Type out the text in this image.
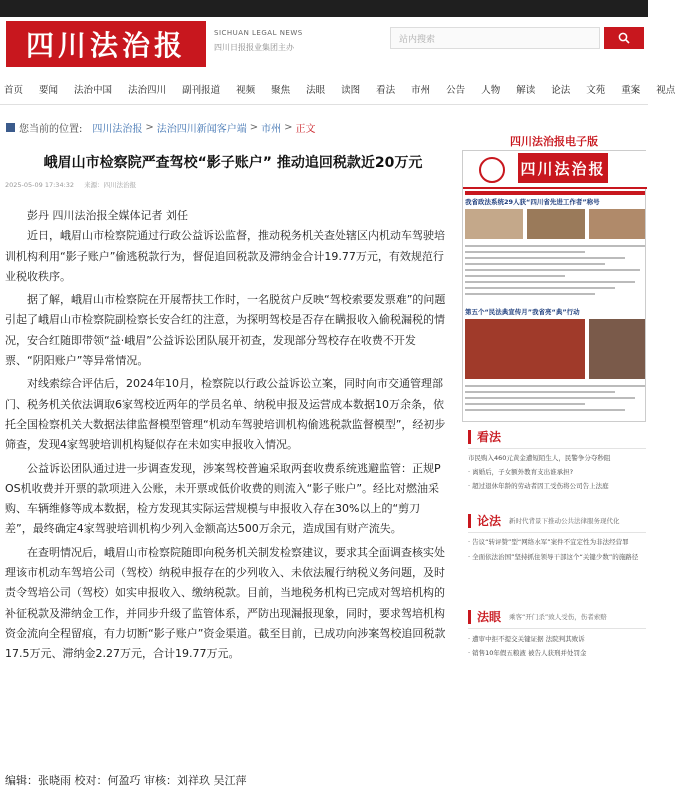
四川法治报	SICHUAN LEGAL NEWS
四川日报报业集团主办
站内搜索
首页 要闻 法治中国 法治四川 副刊报道 视频 聚焦 法眼 读图 看法 市州 公告 人物 解读 论法 文苑 重案 视点
您当前的位置: 四川法治报 > 法治四川新闻客户端 > 市州 > 正文
峨眉山市检察院严查驾校“影子账户” 推动追回税款近20万元
2025-05-09 17:34:32 来源：四川法治报

彭丹 四川法治报全媒体记者 刘任

近日，峨眉山市检察院通过行政公益诉讼监督，推动税务机关查处辖区内机动车驾驶培训机构利用“影子账户”偷逃税款行为，督促追回税款及滞纳金合计19.77万元，有效规范行业税收秩序。

据了解，峨眉山市检察院在开展帮扶工作时，一名脱贫户反映“驾校索要发票难”的问题引起了峨眉山市检察院副检察长安合红的注意，为探明驾校是否存在瞒报收入偷税漏税的情况，安合红随即带领“益·峨眉”公益诉讼团队展开初查，发现部分驾校存在收费不开发票、“阴阳账户”等异常情况。

对线索综合评估后，2024年10月，检察院以行政公益诉讼立案，同时向市交通管理部门、税务机关依法调取6家驾校近两年的学员名单、纳税申报及运营成本数据10万余条，依托全国检察机关大数据法律监督模型管理“机动车驾驶培训机构偷逃税款监督模型”，经初步筛查，发现4家驾驶培训机构疑似存在未如实申报收入情况。

公益诉讼团队通过进一步调查发现，涉案驾校普遍采取两套收费系统逃避监管：正规POS机收费并开票的款项进入公账，未开票或低价收费的则流入“影子账户”。经比对燃油采购、车辆维修等成本数据，检方发现其实际运营规模与申报收入存在30%以上的“剪刀差”，最终确定4家驾驶培训机构少列入金额高达500万余元，造成国有财产流失。

在查明情况后，峨眉山市检察院随即向税务机关制发检察建议，要求其全面调查核实处理该市机动车驾培公司（驾校）纳税申报存在的少列收入、未依法履行纳税义务问题，及时责令驾培公司（驾校）如实申报收入、缴纳税款。目前，当地税务机构已完成对驾培机构的补征税款及滞纳金工作，并同步升级了监管体系，严防出现漏报现象，同时，要求驾培机构资金流向全程留痕，有力切断“影子账户”资金渠道。截至目前，已成功向涉案驾校追回税款17.5万元、滞纳金2.27万元，合计19.77万元。

编辑：张晓雨 校对：何盈巧 审核：刘祥玖 吴江萍
四川法治报电子版
四川法治报
我省政法系统29人获“四川省先进工作者”称号
第五个“民法典宣传月”我省亮“典”行动
看法
市民购入460元黄金遭短陌生人，民警争分夺秒阻
· 离婚后，子女额外教育支出谁承担?
· 超过退休年龄的劳动者因工受伤将公司告上法庭
论法 新时代背景下推动公共法律服务现代化
· 告议“转评赞”型“网络水军”案件不宜定性为非法经营罪
· 全面依法治国”坚持抓住领导干部这个“关键少数”的施路径
法眼 乘客“开门杀”致人受伤，伤者索赔
· 遭审中拒不提交关键证据 法院判其败诉
· 销售10年假五粮液 被告人获刑并处罚金
